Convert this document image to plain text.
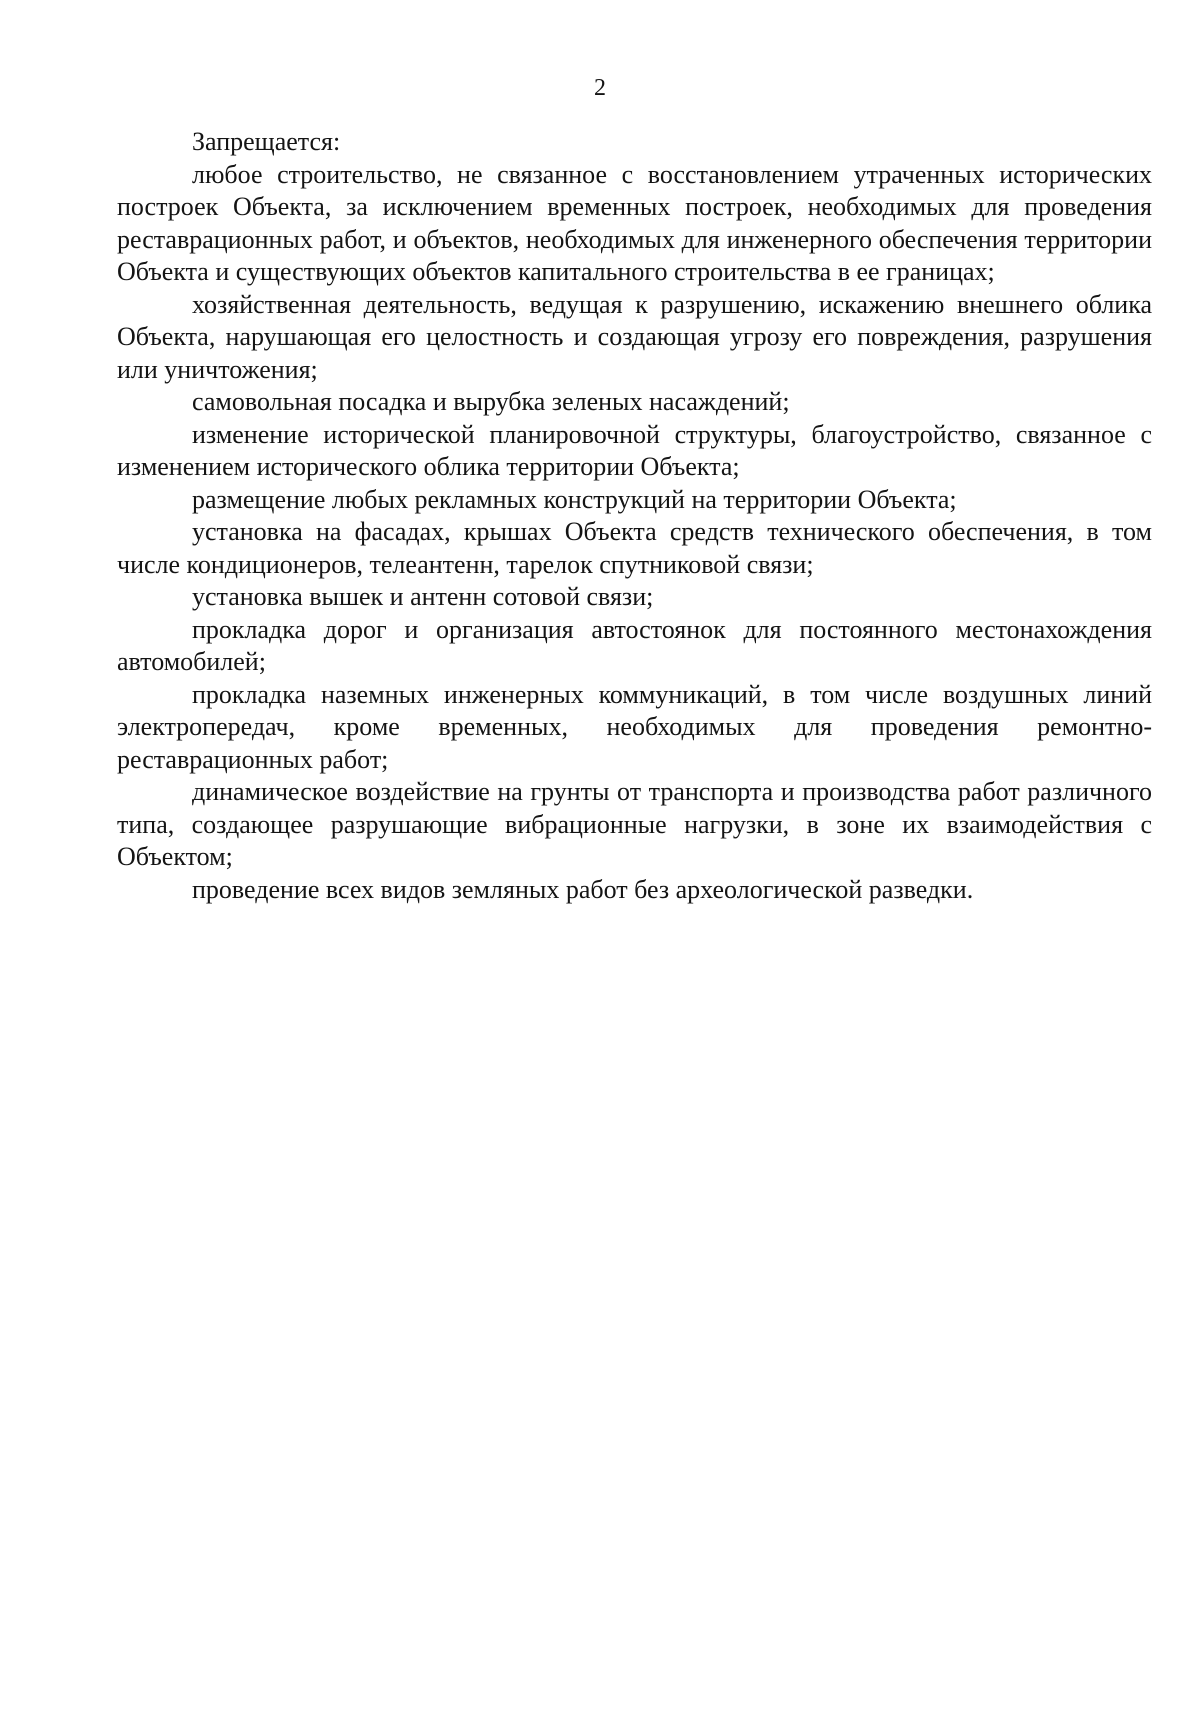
2

Запрещается:

любое строительство, не связанное с восстановлением утраченных исторических построек Объекта, за исключением временных построек, необходимых для проведения реставрационных работ, и объектов, необходимых для инженерного обеспечения территории Объекта и существующих объектов капитального строительства в ее границах;

хозяйственная деятельность, ведущая к разрушению, искажению внешнего облика Объекта, нарушающая его целостность и создающая угрозу его повреждения, разрушения или уничтожения;

самовольная посадка и вырубка зеленых насаждений;

изменение исторической планировочной структуры, благоустройство, связанное с изменением исторического облика территории Объекта;

размещение любых рекламных конструкций на территории Объекта;

установка на фасадах, крышах Объекта средств технического обеспечения, в том числе кондиционеров, телеантенн, тарелок спутниковой связи;

установка вышек и антенн сотовой связи;

прокладка дорог и организация автостоянок для постоянного местонахождения автомобилей;

прокладка наземных инженерных коммуникаций, в том числе воздушных линий электропередач, кроме временных, необходимых для проведения ремонтно-реставрационных работ;

динамическое воздействие на грунты от транспорта и производства работ различного типа, создающее разрушающие вибрационные нагрузки, в зоне их взаимодействия с Объектом;

проведение всех видов земляных работ без археологической разведки.
